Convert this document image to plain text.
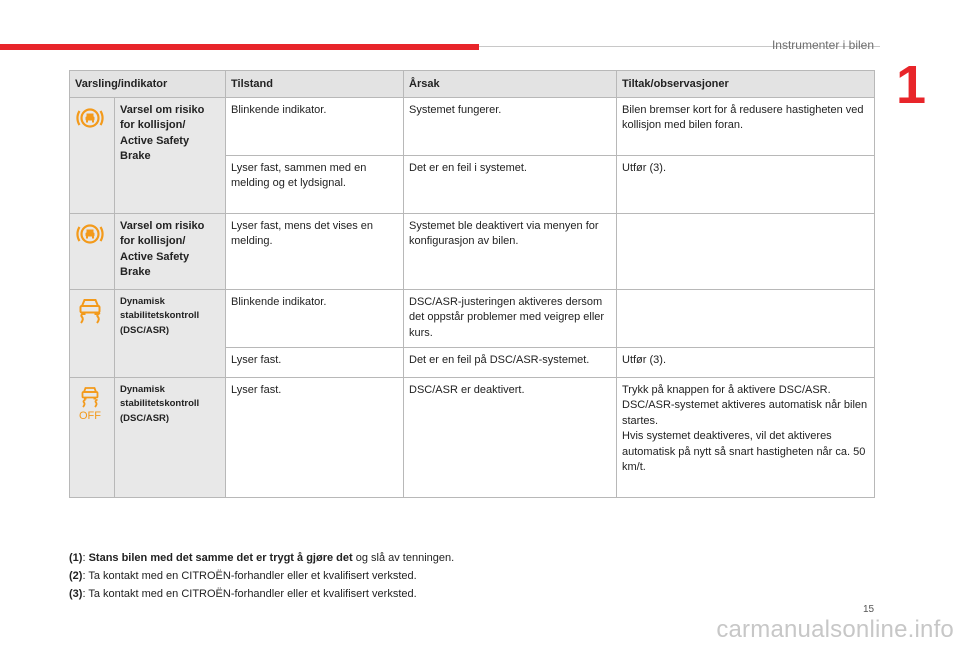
Instrumenter i bilen
1
Varsling/indikator		Tilstand	Årsak	Tiltak/observasjoner

	Varsel om risiko for kollisjon/ Active Safety Brake	Blinkende indikator.	Systemet fungerer.	Bilen bremser kort for å redusere hastigheten ved kollisjon med bilen foran.
		Lyser fast, sammen med en melding og et lydsignal.	Det er en feil i systemet.	Utfør (3).

	Varsel om risiko for kollisjon/ Active Safety Brake	Lyser fast, mens det vises en melding.	Systemet ble deaktivert via menyen for konfigurasjon av bilen.	

	Dynamisk stabilitetskontroll (DSC/ASR)	Blinkende indikator.	DSC/ASR-justeringen aktiveres dersom det oppstår problemer med veigrep eller kurs.	
		Lyser fast.	Det er en feil på DSC/ASR-systemet.	Utfør (3).

OFF	Dynamisk stabilitetskontroll (DSC/ASR)	Lyser fast.	DSC/ASR er deaktivert.	Trykk på knappen for å aktivere DSC/ASR.
DSC/ASR-systemet aktiveres automatisk når bilen startes.
Hvis systemet deaktiveres, vil det aktiveres automatisk på nytt så snart hastigheten når ca. 50 km/t.
(1): Stans bilen med det samme det er trygt å gjøre det og slå av tenningen.
(2): Ta kontakt med en CITROËN-forhandler eller et kvalifisert verksted.
(3): Ta kontakt med en CITROËN-forhandler eller et kvalifisert verksted.
15
carmanualsonline.info
